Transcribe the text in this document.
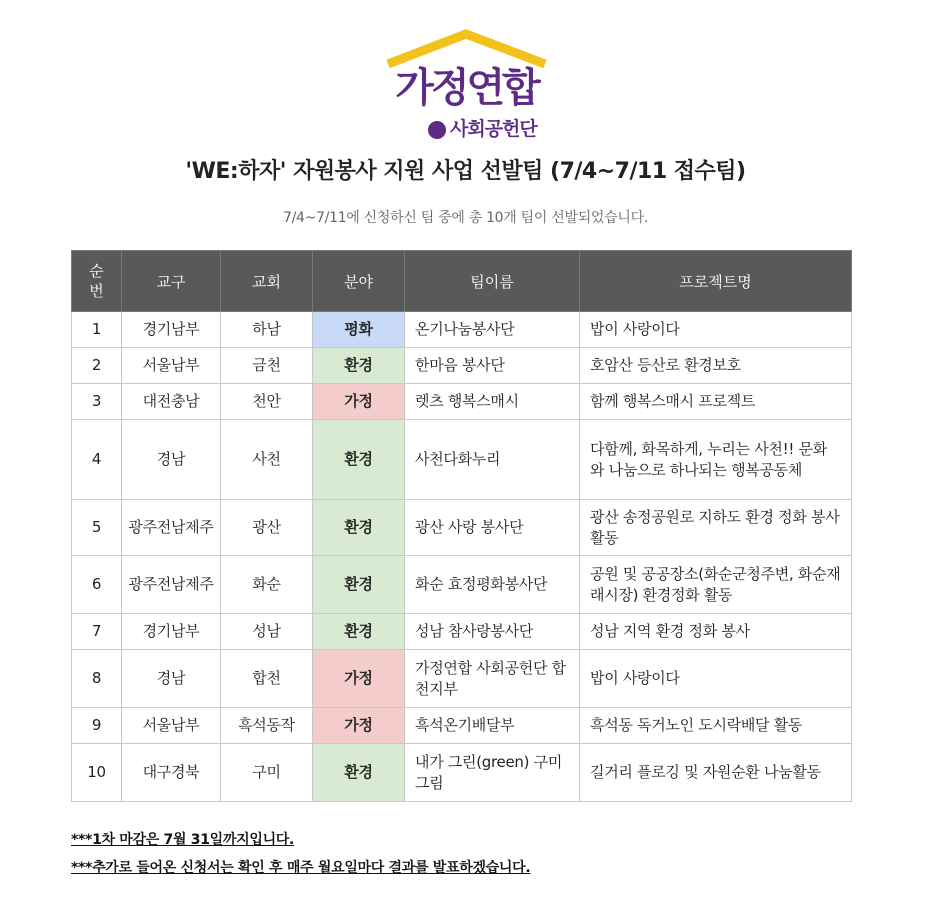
가정연합
사회공헌단
'WE:하자' 자원봉사 지원 사업 선발팀 (7/4~7/11 접수팀)
7/4~7/11에 신청하신 팀 중에 총 10개 팀이 선발되었습니다.
순번	교구	교회	분야	팀이름	프로젝트명
1	경기남부	하남	평화	온기나눔봉사단	밥이 사랑이다
2	서울남부	금천	환경	한마음 봉사단	호암산 등산로 환경보호
3	대전충남	천안	가정	렛츠 행복스매시	함께 행복스매시 프로젝트
4	경남	사천	환경	사천다화누리	다함께, 화목하게, 누리는 사천!! 문화와 나눔으로 하나되는 행복공동체
5	광주전남제주	광산	환경	광산 사랑 봉사단	광산 송정공원로 지하도 환경 정화 봉사활동
6	광주전남제주	화순	환경	화순 효정평화봉사단	공원 및 공공장소(화순군청주변, 화순재래시장) 환경정화 활동
7	경기남부	성남	환경	성남 참사랑봉사단	성남 지역 환경 정화 봉사
8	경남	합천	가정	가정연합 사회공헌단 합천지부	밥이 사랑이다
9	서울남부	흑석동작	가정	흑석온기배달부	흑석동 독거노인 도시락배달 활동
10	대구경북	구미	환경	내가 그린(green) 구미 그림	길거리 플로깅 및 자원순환 나눔활동
***1차 마감은 7월 31일까지입니다.
***추가로 들어온 신청서는 확인 후 매주 월요일마다 결과를 발표하겠습니다.
